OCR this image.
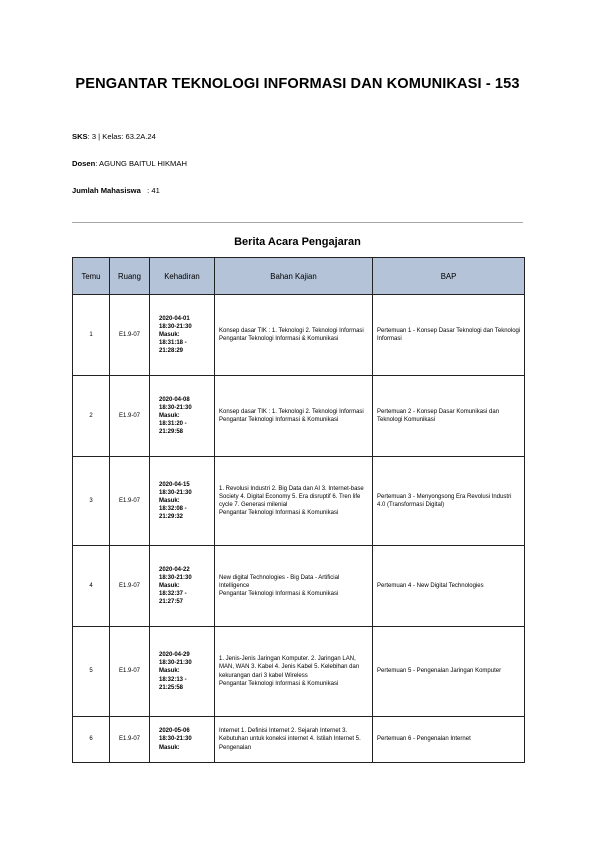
PENGANTAR TEKNOLOGI INFORMASI DAN KOMUNIKASI - 153
SKS: 3 | Kelas: 63.2A.24
Dosen: AGUNG BAITUL HIKMAH
Jumlah Mahasiswa : 41
Berita Acara Pengajaran
Temu	Ruang	Kehadiran	Bahan Kajian	BAP
1	E1.9-07	2020-04-01
18:30-21:30
Masuk:
18:31:18 -
21:28:29	Konsep dasar TIK : 1. Teknologi 2. Teknologi Informasi
Pengantar Teknologi Informasi & Komunikasi	Pertemuan 1 - Konsep Dasar Teknologi dan Teknologi Informasi
2	E1.9-07	2020-04-08
18:30-21:30
Masuk:
18:31:20 -
21:29:58	Konsep dasar TIK : 1. Teknologi 2. Teknologi Informasi
Pengantar Teknologi Informasi & Komunikasi	Pertemuan 2 - Konsep Dasar Komunikasi dan Teknologi Komunikasi
3	E1.9-07	2020-04-15
18:30-21:30
Masuk:
18:32:08 -
21:29:32	1. Revolusi Industri 2. Big Data dan AI 3. Internet-base Society 4. Digital Economy 5. Era disruptif 6. Tren life cycle 7. Generasi milenial
Pengantar Teknologi Informasi & Komunikasi	Pertemuan 3 - Menyongsong Era Revolusi Industri 4.0 (Transformasi Digital)
4	E1.9-07	2020-04-22
18:30-21:30
Masuk:
18:32:37 -
21:27:57	New digital Technologies - Big Data - Artificial Intelligence
Pengantar Teknologi Informasi & Komunikasi	Pertemuan 4 - New Digital Technologies
5	E1.9-07	2020-04-29
18:30-21:30
Masuk:
18:32:13 -
21:25:58	1. Jenis-Jenis Jaringan Komputer. 2. Jaringan LAN, MAN, WAN 3. Kabel 4. Jenis Kabel 5. Kelebihan dan kekurangan dari 3 kabel Wireless
Pengantar Teknologi Informasi & Komunikasi	Pertemuan 5 - Pengenalan Jaringan Komputer
6	E1.9-07	2020-05-06
18:30-21:30
Masuk:	Internet 1. Definisi Internet 2. Sejarah Internet 3. Kebutuhan untuk koneksi internet 4. Istilah Internet 5. Pengenalan	Pertemuan 6 - Pengenalan Internet
